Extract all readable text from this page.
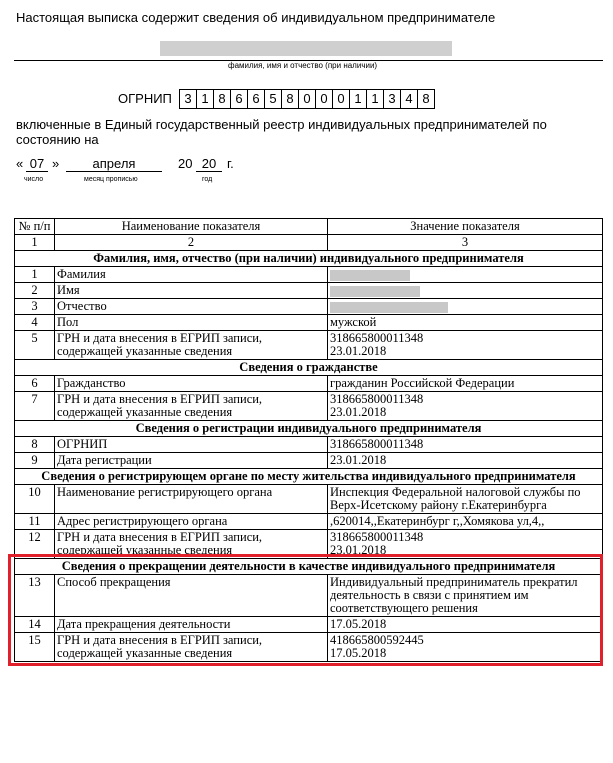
Настоящая выписка содержит сведения об индивидуальном предпринимателе
фамилия, имя и отчество (при наличии)
ОГРНИП 3 1 8 6 6 5 8 0 0 0 1 1 3 4 8
включенные в Единый государственный реестр индивидуальных предпринимателей по состоянию на
« 07 »	апреля	20 20 г.
число	месяц прописью	год
№ п/п	Наименование показателя	Значение показателя
1	2	3
Фамилия, имя, отчество (при наличии) индивидуального предпринимателя		
1	Фамилия	
2	Имя	
3	Отчество	
4	Пол	мужской
5	ГРН и дата внесения в ЕГРИП записи, содержащей указанные сведения	318665800011348
23.01.2018

Сведения о гражданстве		
6	Гражданство	гражданин Российской Федерации
7	ГРН и дата внесения в ЕГРИП записи, содержащей указанные сведения	318665800011348
23.01.2018

Сведения о регистрации индивидуального предпринимателя		
8	ОГРНИП	318665800011348
9	Дата регистрации	23.01.2018
Сведения о регистрирующем органе по месту жительства индивидуального предпринимателя		
10	Наименование регистрирующего органа	Инспекция Федеральной налоговой службы по Верх-Исетскому району г.Екатеринбурга
11	Адрес регистрирующего органа	,620014,,Екатеринбург г,,Хомякова ул,4,,
12	ГРН и дата внесения в ЕГРИП записи, содержащей указанные сведения	318665800011348
23.01.2018

Сведения о прекращении деятельности в качестве индивидуального предпринимателя		
13	Способ прекращения	Индивидуальный предприниматель прекратил деятельность в связи с принятием им соответствующего решения
14	Дата прекращения деятельности	17.05.2018
15	ГРН и дата внесения в ЕГРИП записи, содержащей указанные сведения	418665800592445
17.05.2018
